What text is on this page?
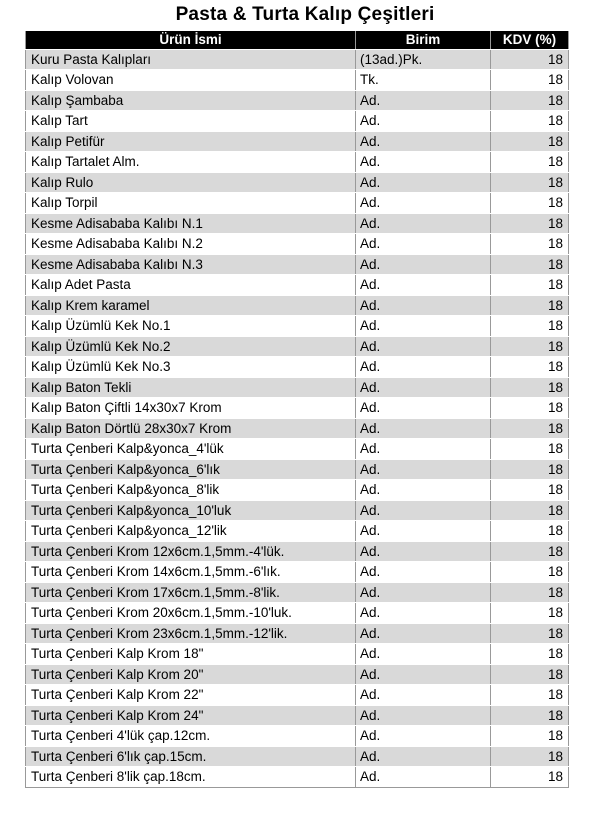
Pasta & Turta Kalıp Çeşitleri
Ürün İsmi	Birim	KDV (%)
Kuru Pasta Kalıpları	(13ad.)Pk.	18
Kalıp Volovan	Tk.	18
Kalıp Şambaba	Ad.	18
Kalıp Tart	Ad.	18
Kalıp Petifür	Ad.	18
Kalıp Tartalet Alm.	Ad.	18
Kalıp Rulo	Ad.	18
Kalıp Torpil	Ad.	18
Kesme Adisababa Kalıbı N.1	Ad.	18
Kesme Adisababa Kalıbı N.2	Ad.	18
Kesme Adisababa Kalıbı N.3	Ad.	18
Kalıp Adet Pasta	Ad.	18
Kalıp Krem karamel	Ad.	18
Kalıp Üzümlü Kek No.1	Ad.	18
Kalıp Üzümlü Kek No.2	Ad.	18
Kalıp Üzümlü Kek No.3	Ad.	18
Kalıp Baton Tekli	Ad.	18
Kalıp Baton Çiftli 14x30x7 Krom	Ad.	18
Kalıp Baton Dörtlü 28x30x7 Krom	Ad.	18
Turta Çenberi Kalp&yonca_4'lük	Ad.	18
Turta Çenberi Kalp&yonca_6'lık	Ad.	18
Turta Çenberi Kalp&yonca_8'lik	Ad.	18
Turta Çenberi Kalp&yonca_10'luk	Ad.	18
Turta Çenberi Kalp&yonca_12'lik	Ad.	18
Turta Çenberi Krom 12x6cm.1,5mm.-4'lük.	Ad.	18
Turta Çenberi Krom 14x6cm.1,5mm.-6'lık.	Ad.	18
Turta Çenberi Krom 17x6cm.1,5mm.-8'lik.	Ad.	18
Turta Çenberi Krom 20x6cm.1,5mm.-10'luk.	Ad.	18
Turta Çenberi Krom 23x6cm.1,5mm.-12'lik.	Ad.	18
Turta Çenberi Kalp Krom 18"	Ad.	18
Turta Çenberi Kalp Krom 20"	Ad.	18
Turta Çenberi Kalp Krom 22"	Ad.	18
Turta Çenberi Kalp Krom 24"	Ad.	18
Turta Çenberi 4'lük çap.12cm.	Ad.	18
Turta Çenberi 6'lık çap.15cm.	Ad.	18
Turta Çenberi 8'lik çap.18cm.	Ad.	18
